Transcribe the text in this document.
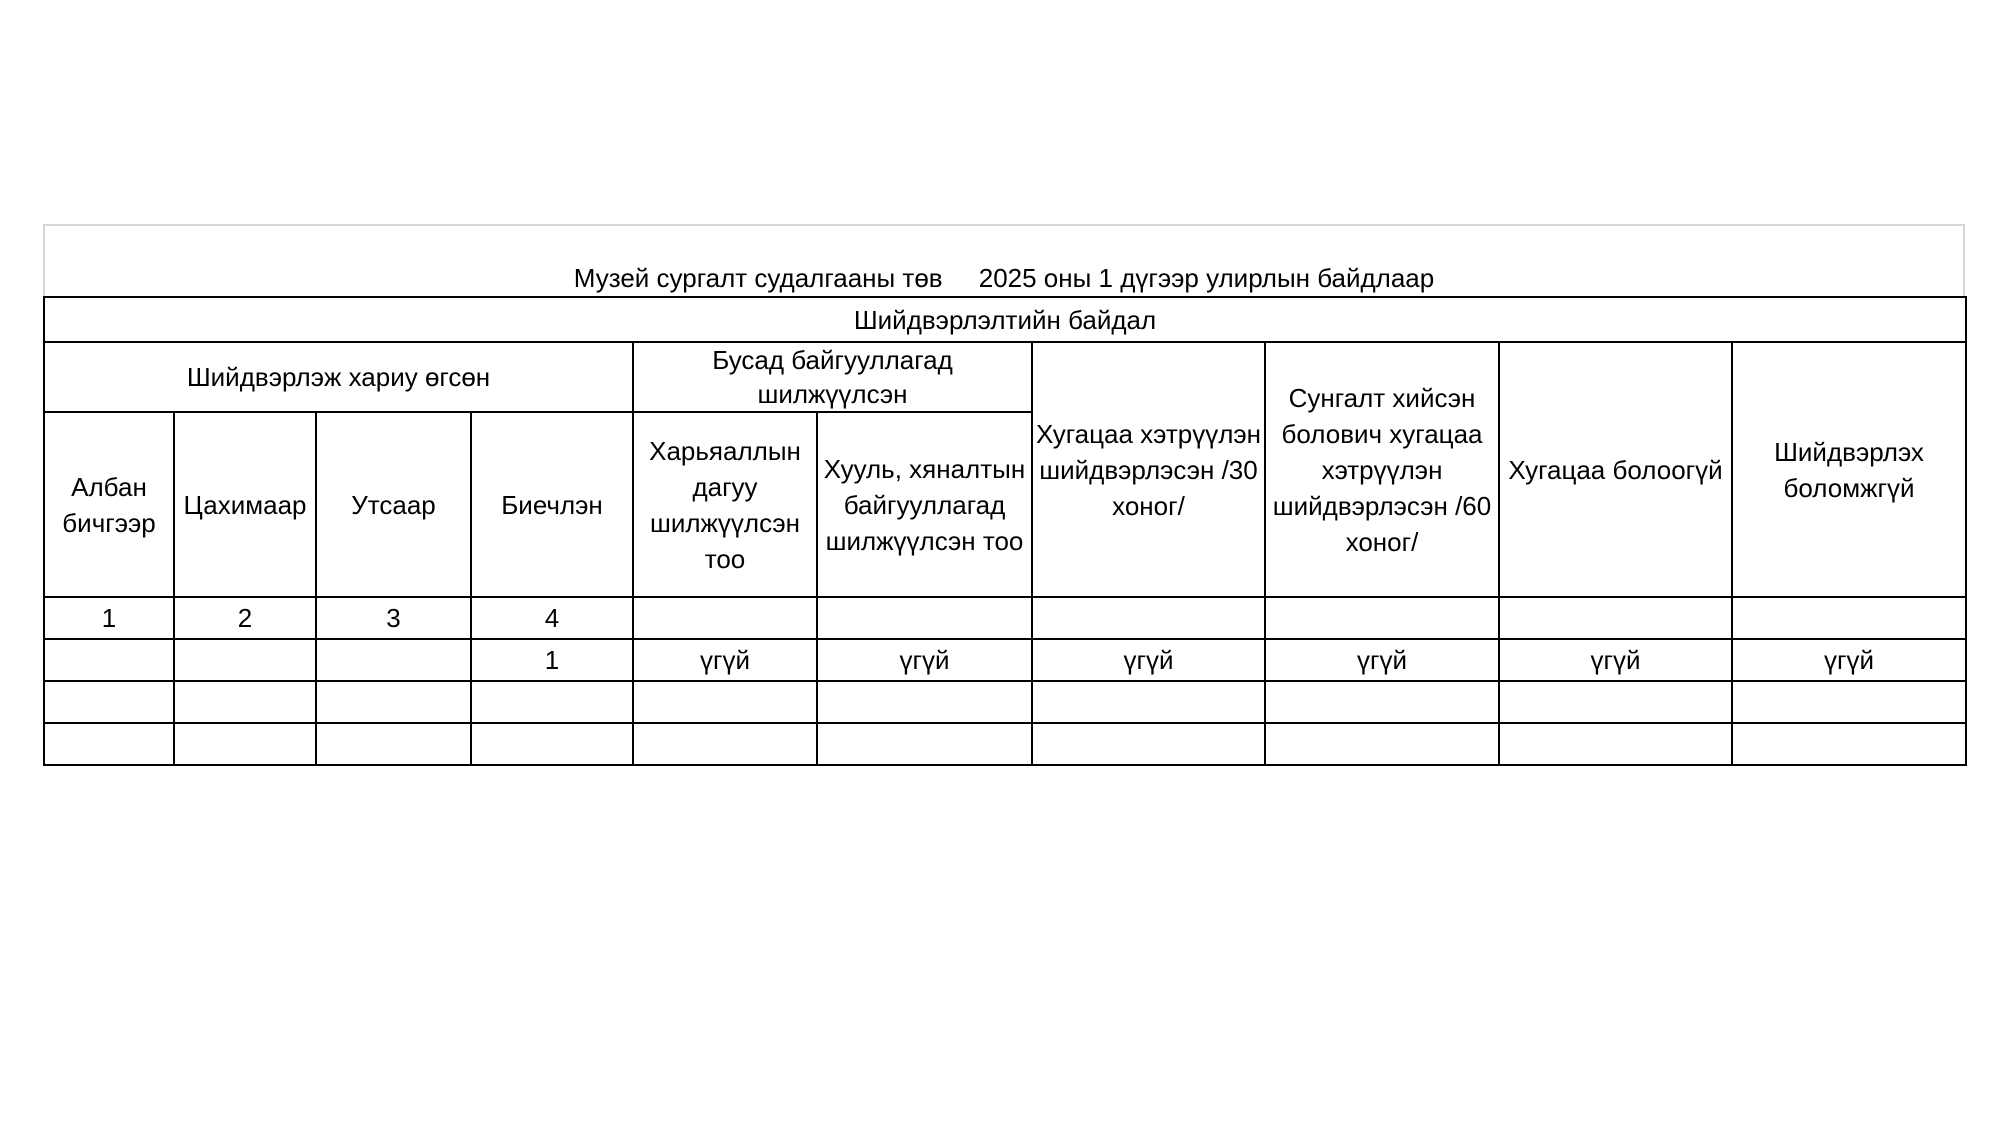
Музей сургалт судалгааны төв     2025 оны 1 дүгээр улирлын байдлаар
Шийдвэрлэлтийн байдал									
Шийдвэрлэж хариу өгсөн				Бусад байгууллагад шилжүүлсэн		Хугацаа хэтрүүлэн шийдвэрлэсэн /30 хоног/	Сунгалт хийсэн болович хугацаа хэтрүүлэн шийдвэрлэсэн /60 хоног/	Хугацаа болоогүй	Шийдвэрлэх боломжгүй
Албан бичгээр	Цахимаар	Утсаар	Биечлэн	Харьяаллын дагуу шилжүүлсэн тоо	Хууль, хяналтын байгууллагад шилжүүлсэн тоо				
1	2	3	4						
			1	үгүй	үгүй	үгүй	үгүй	үгүй	үгүй
